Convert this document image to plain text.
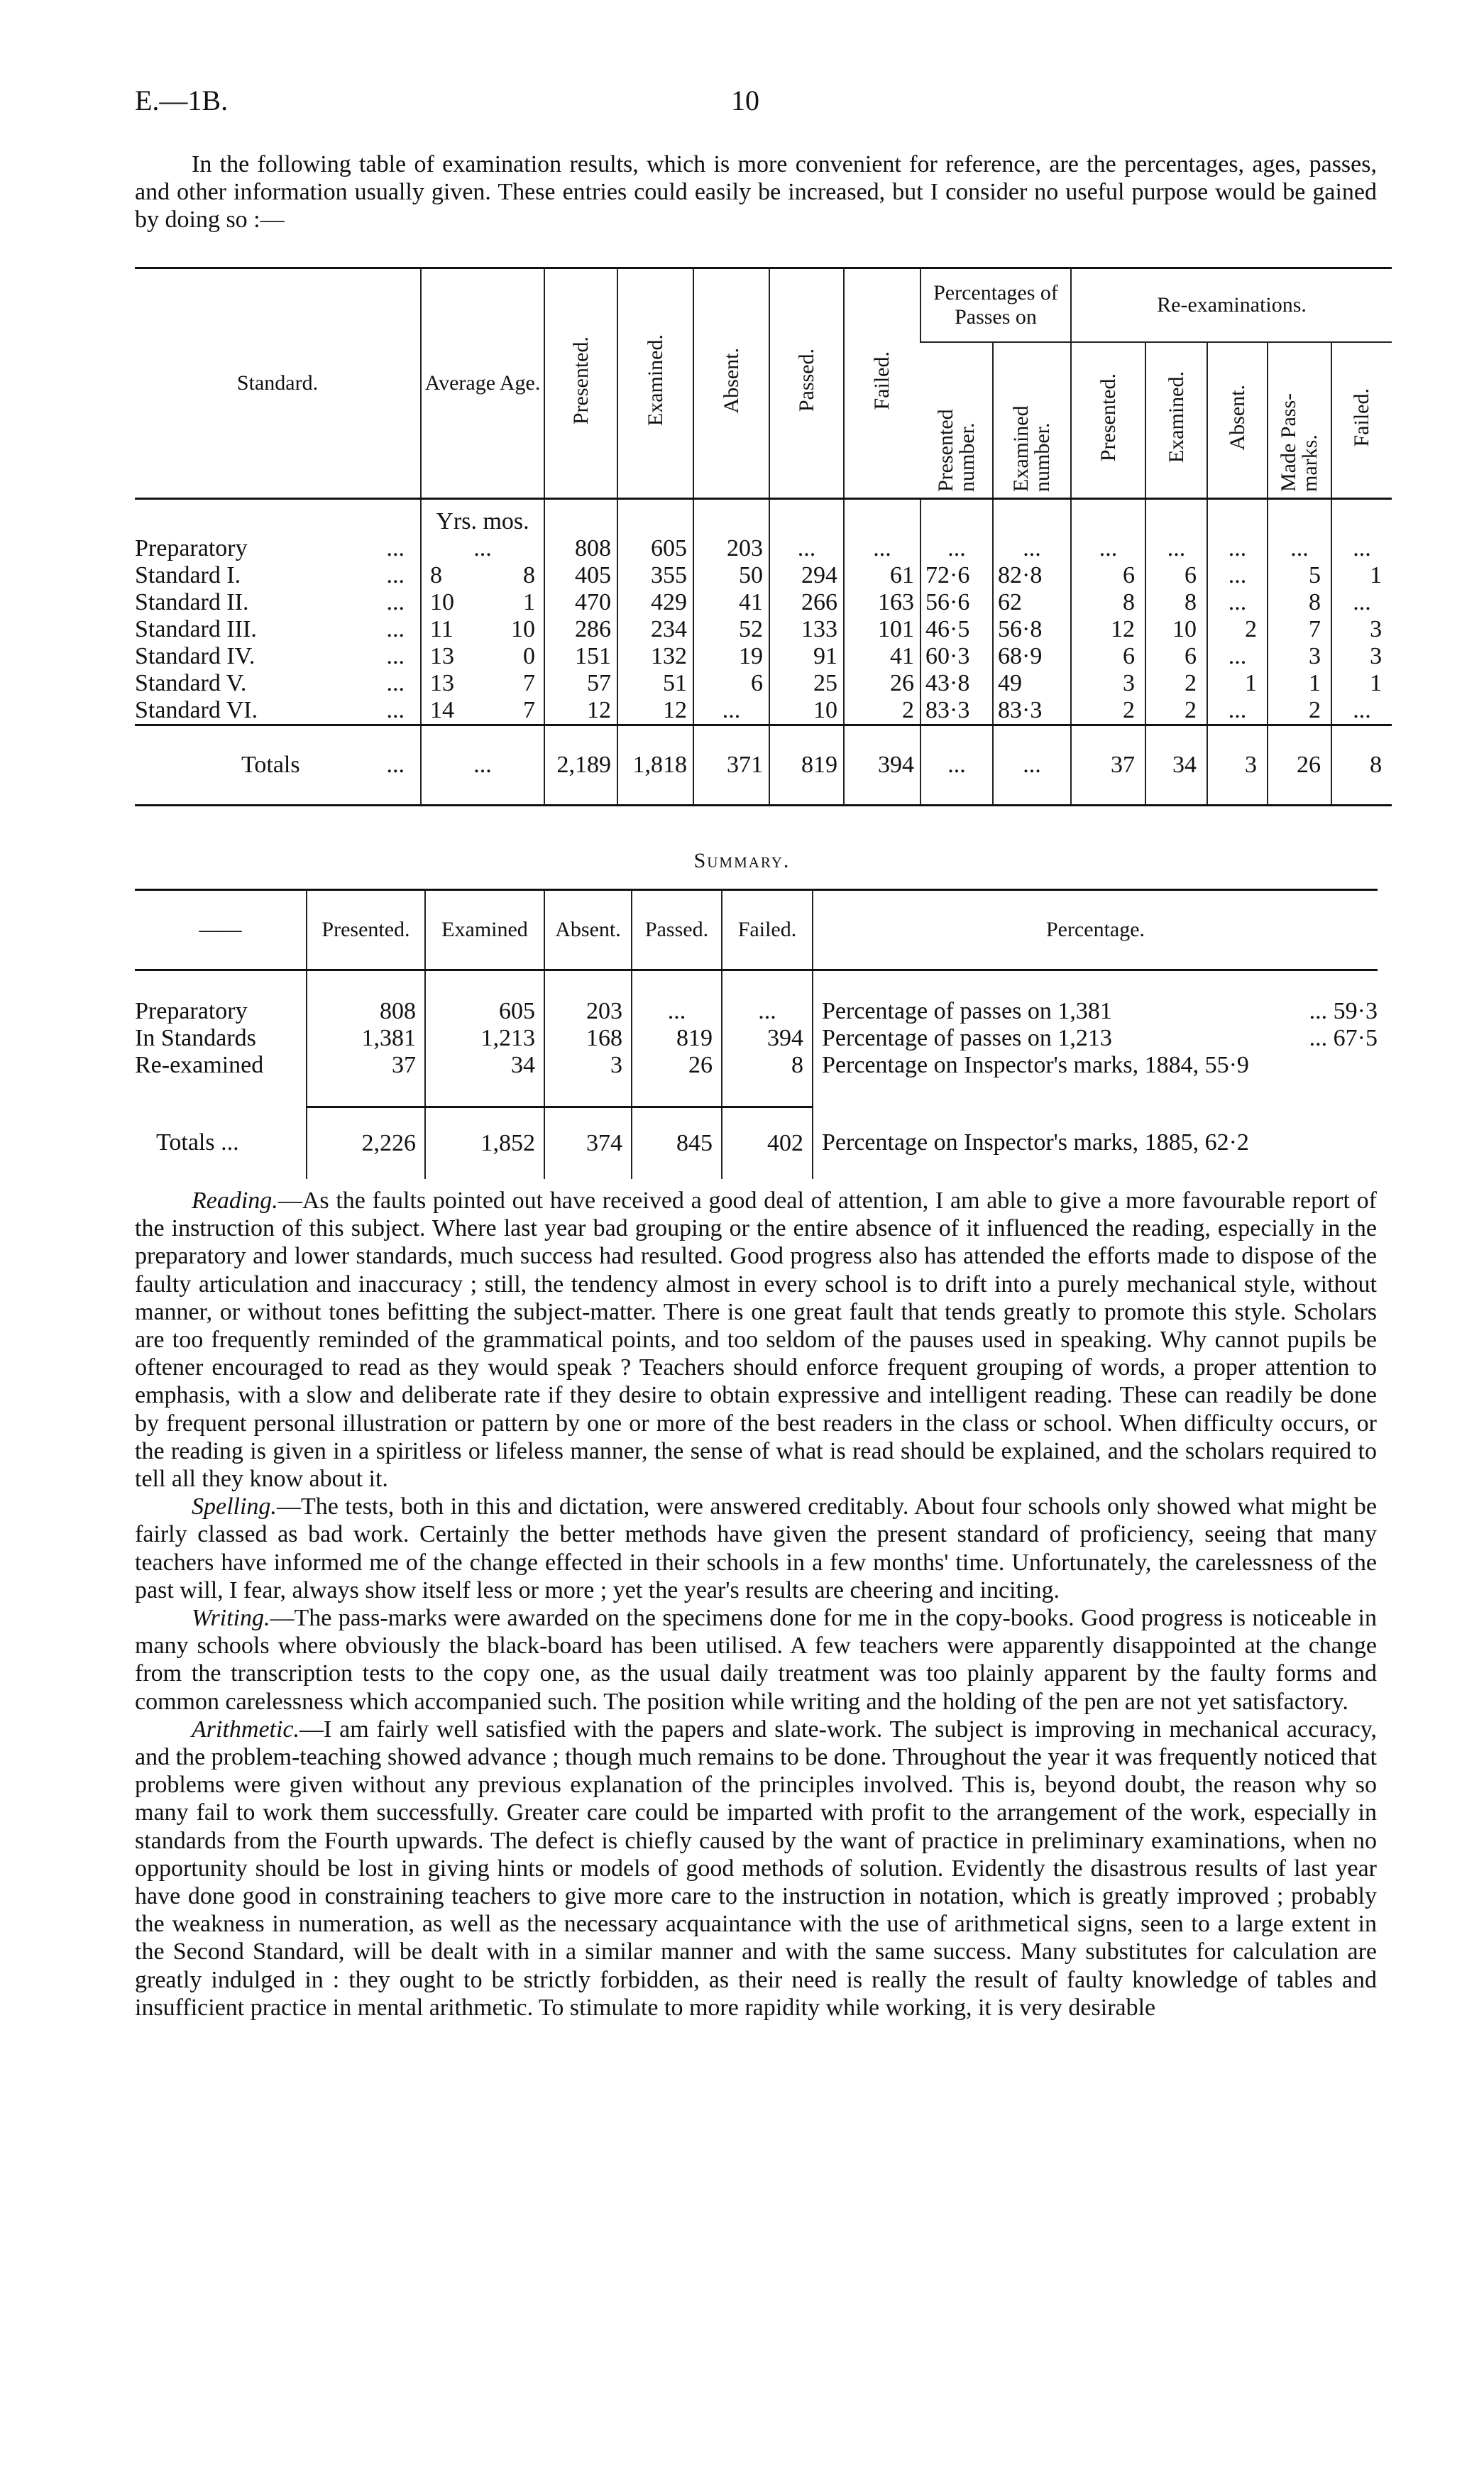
E.—1B.	10

In the following table of examination results, which is more convenient for reference, are the percentages, ages, passes, and other information usually given. These entries could easily be increased, but I consider no useful purpose would be gained by doing so :—

Standard.	Average Age.	Presented.	Examined.	Absent.	Passed.	Failed.	Percentages of Passes on		Re-examinations.				
							Presented number.	Examined number.	Presented.	Examined.	Absent.	Made Pass-marks.	Failed.
	Yrs. mos.												

Preparatory ...	...	808	605	203	...	...	...	...	...	...	...	...	...

Standard I. ...	8 8	405	355	50	294	61	72·6	82·8	6	6	...	5	1

Standard II. ...	10 1	470	429	41	266	163	56·6	62	8	8	...	8	...

Standard III. ...	11 10	286	234	52	133	101	46·5	56·8	12	10	2	7	3

Standard IV. ...	13 0	151	132	19	91	41	60·3	68·9	6	6	...	3	3

Standard V. ...	13 7	57	51	6	25	26	43·8	49	3	2	1	1	1

Standard VI. ...	14 7	12	12	...	10	2	83·3	83·3	2	2	...	2	...

Totals ...	...	2,189	1,818	371	819	394	...	...	37	34	3	26	8
Summary.
——	Presented.	Examined	Absent.	Passed.	Failed.	Percentage.

Preparatory	808	605	203	...	...	Percentage of passes on 1,381 ... 59·3

In Standards	1,381	1,213	168	819	394	Percentage of passes on 1,213 ... 67·5

Re-examined	37	34	3	26	8	Percentage on Inspector's marks, 1884, 55·9

Totals ...	2,226	1,852	374	845	402	Percentage on Inspector's marks, 1885, 62·2

Reading.—As the faults pointed out have received a good deal of attention, I am able to give a more favourable report of the instruction of this subject. Where last year bad grouping or the entire absence of it influenced the reading, especially in the preparatory and lower standards, much success had resulted. Good progress also has attended the efforts made to dispose of the faulty articulation and inaccuracy ; still, the tendency almost in every school is to drift into a purely mechanical style, without manner, or without tones befitting the subject-matter. There is one great fault that tends greatly to promote this style. Scholars are too frequently reminded of the grammatical points, and too seldom of the pauses used in speaking. Why cannot pupils be oftener encouraged to read as they would speak ? Teachers should enforce frequent grouping of words, a proper attention to emphasis, with a slow and deliberate rate if they desire to obtain expressive and intelligent reading. These can readily be done by frequent personal illustration or pattern by one or more of the best readers in the class or school. When difficulty occurs, or the reading is given in a spiritless or lifeless manner, the sense of what is read should be explained, and the scholars required to tell all they know about it.

Spelling.—The tests, both in this and dictation, were answered creditably. About four schools only showed what might be fairly classed as bad work. Certainly the better methods have given the present standard of proficiency, seeing that many teachers have informed me of the change effected in their schools in a few months' time. Unfortunately, the carelessness of the past will, I fear, always show itself less or more ; yet the year's results are cheering and inciting.

Writing.—The pass-marks were awarded on the specimens done for me in the copy-books. Good progress is noticeable in many schools where obviously the black-board has been utilised. A few teachers were apparently disappointed at the change from the transcription tests to the copy one, as the usual daily treatment was too plainly apparent by the faulty forms and common carelessness which accompanied such. The position while writing and the holding of the pen are not yet satisfactory.

Arithmetic.—I am fairly well satisfied with the papers and slate-work. The subject is improving in mechanical accuracy, and the problem-teaching showed advance ; though much remains to be done. Throughout the year it was frequently noticed that problems were given without any previous explanation of the principles involved. This is, beyond doubt, the reason why so many fail to work them successfully. Greater care could be imparted with profit to the arrangement of the work, especially in standards from the Fourth upwards. The defect is chiefly caused by the want of practice in preliminary examinations, when no opportunity should be lost in giving hints or models of good methods of solution. Evidently the disastrous results of last year have done good in constraining teachers to give more care to the instruction in notation, which is greatly improved ; probably the weakness in numeration, as well as the necessary acquaintance with the use of arithmetical signs, seen to a large extent in the Second Standard, will be dealt with in a similar manner and with the same success. Many substitutes for calculation are greatly indulged in : they ought to be strictly forbidden, as their need is really the result of faulty knowledge of tables and insufficient practice in mental arithmetic. To stimulate to more rapidity while working, it is very desirable
